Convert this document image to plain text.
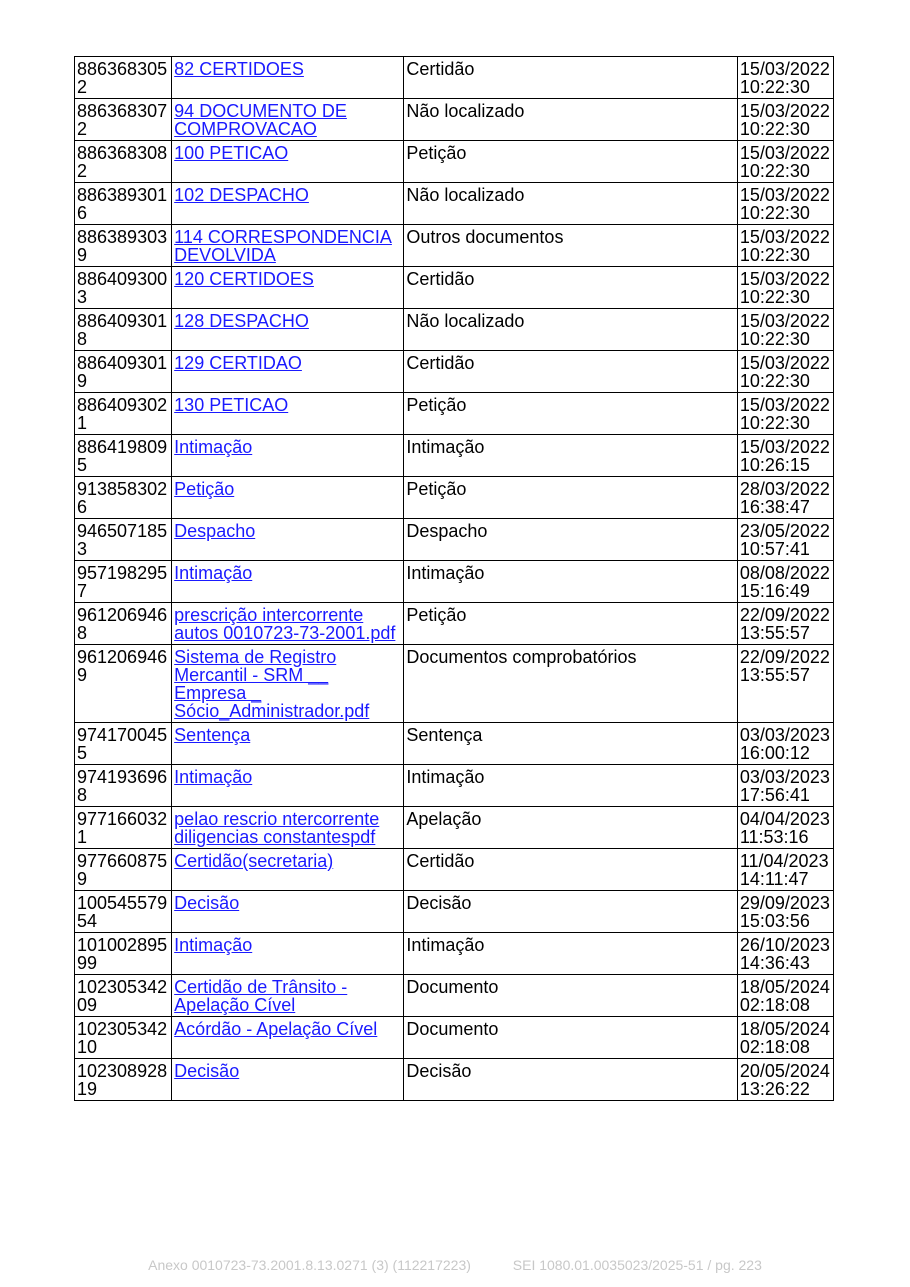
8863683052	82 CERTIDOES	Certidão	15/03/2022
10:22:30

8863683072	94 DOCUMENTO DE COMPROVACAO	Não localizado	15/03/2022
10:22:30

8863683082	100 PETICAO	Petição	15/03/2022
10:22:30

8863893016	102 DESPACHO	Não localizado	15/03/2022
10:22:30

8863893039	114 CORRESPONDENCIA DEVOLVIDA	Outros documentos	15/03/2022
10:22:30

8864093003	120 CERTIDOES	Certidão	15/03/2022
10:22:30

8864093018	128 DESPACHO	Não localizado	15/03/2022
10:22:30

8864093019	129 CERTIDAO	Certidão	15/03/2022
10:22:30

8864093021	130 PETICAO	Petição	15/03/2022
10:22:30

8864198095	Intimação	Intimação	15/03/2022
10:26:15

9138583026	Petição	Petição	28/03/2022
16:38:47

9465071853	Despacho	Despacho	23/05/2022
10:57:41

9571982957	Intimação	Intimação	08/08/2022
15:16:49

9612069468	prescrição intercorrente autos 0010723-73-2001.pdf	Petição	22/09/2022
13:55:57

9612069469	Sistema de Registro Mercantil - SRM __ Empresa _ Sócio_Administrador.pdf	Documentos comprobatórios	22/09/2022
13:55:57

9741700455	Sentença	Sentença	03/03/2023
16:00:12

9741936968	Intimação	Intimação	03/03/2023
17:56:41

9771660321	pelao rescrio ntercorrente diligencias constantespdf	Apelação	04/04/2023
11:53:16

9776608759	Certidão(secretaria)	Certidão	11/04/2023
14:11:47

10054557954	Decisão	Decisão	29/09/2023
15:03:56

10100289599	Intimação	Intimação	26/10/2023
14:36:43

10230534209	Certidão de Trânsito - Apelação Cível	Documento	18/05/2024
02:18:08

10230534210	Acórdão - Apelação Cível	Documento	18/05/2024
02:18:08

10230892819	Decisão	Decisão	20/05/2024
13:26:22
Anexo 0010723-73.2001.8.13.0271 (3) (112217223)	SEI 1080.01.0035023/2025-51 / pg. 223
